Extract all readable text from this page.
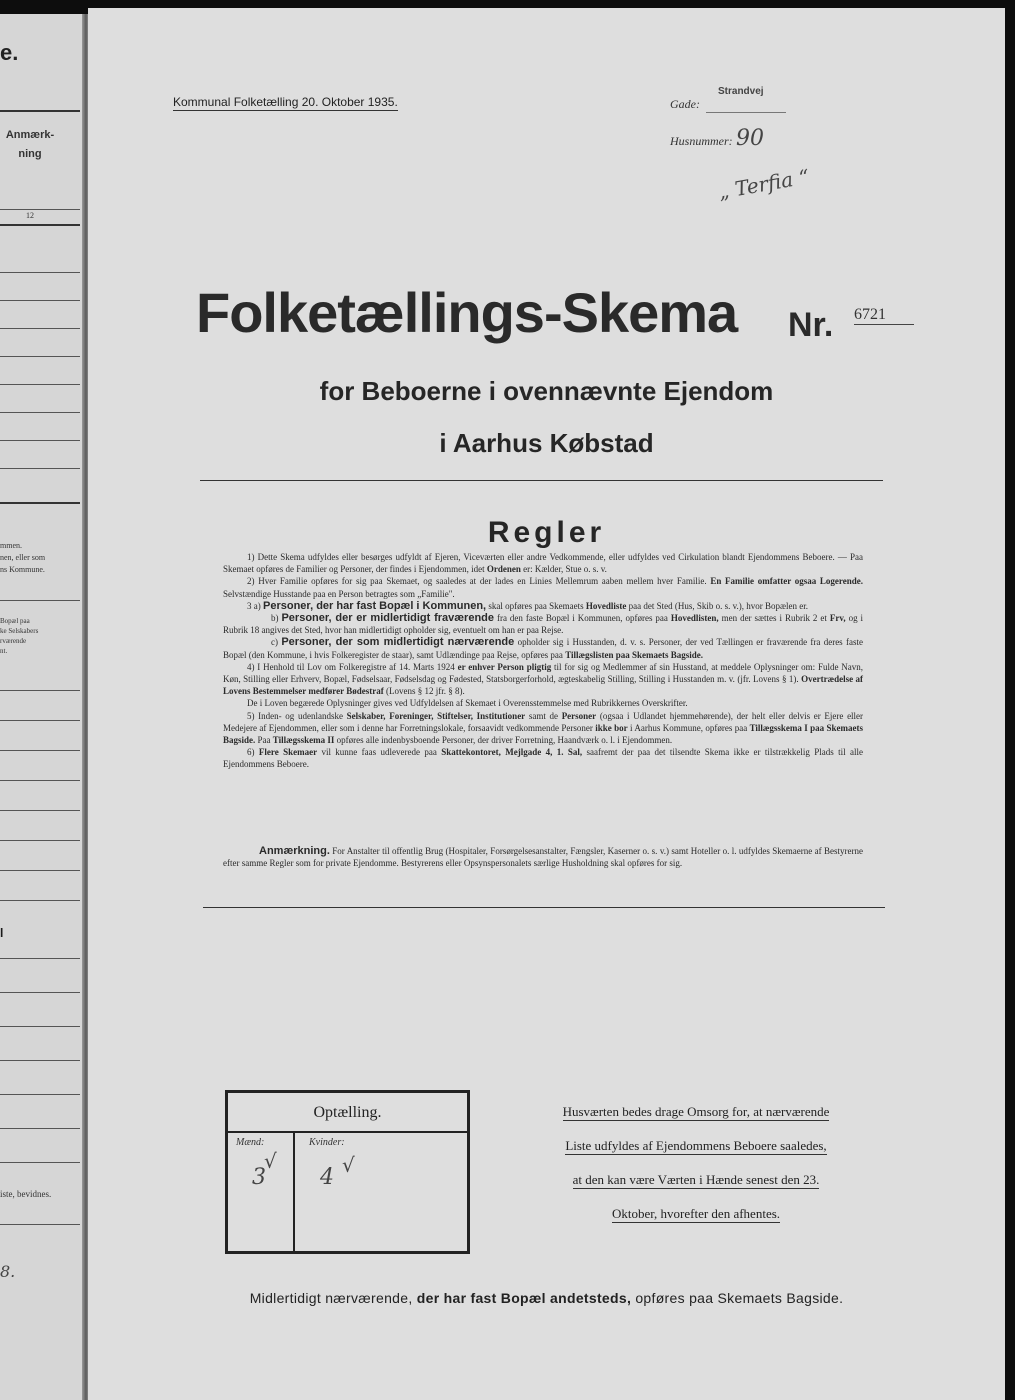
e.
Anmærk-
ning
12
mmen.
nen, eller som
ns Kommune.
Bopæl paa
ke Selskabers
rværende
nt.
l
iste, bevidnes.
8.
Kommunal Folketælling 20. Oktober 1935.	Gade:
Strandvej
Husnummer: 90
„ Terfia “
Folketællings-Skema Nr. 6721
for Beboerne i ovennævnte Ejendom
i Aarhus Købstad
Regler

1) Dette Skema udfyldes eller besørges udfyldt af Ejeren, Viceværten eller andre Vedkommende, eller udfyldes ved Cirkulation blandt Ejendommens Beboere. — Paa Skemaet opføres de Familier og Personer, der findes i Ejendommen, idet Ordenen er: Kælder, Stue o. s. v.

2) Hver Familie opføres for sig paa Skemaet, og saaledes at der lades en Linies Mellemrum aaben mellem hver Familie. En Familie omfatter ogsaa Logerende. Selvstændige Husstande paa en Person betragtes som „Familie".

3 a) Personer, der har fast Bopæl i Kommunen, skal opføres paa Skemaets Hovedliste paa det Sted (Hus, Skib o. s. v.), hvor Bopælen er.

b) Personer, der er midlertidigt fraværende fra den faste Bopæl i Kommunen, opføres paa Hovedlisten, men der sættes i Rubrik 2 et Frv, og i Rubrik 18 angives det Sted, hvor han midlertidigt opholder sig, eventuelt om han er paa Rejse.

c) Personer, der som midlertidigt nærværende opholder sig i Husstanden, d. v. s. Personer, der ved Tællingen er fraværende fra deres faste Bopæl (den Kommune, i hvis Folkeregister de staar), samt Udlændinge paa Rejse, opføres paa Tillægslisten paa Skemaets Bagside.

4) I Henhold til Lov om Folkeregistre af 14. Marts 1924 er enhver Person pligtig til for sig og Medlemmer af sin Husstand, at meddele Oplysninger om: Fulde Navn, Køn, Stilling eller Erhverv, Bopæl, Fødselsaar, Fødselsdag og Fødested, Statsborgerforhold, ægteskabelig Stilling, Stilling i Husstanden m. v. (jfr. Lovens § 1). Overtrædelse af Lovens Bestemmelser medfører Bødestraf (Lovens § 12 jfr. § 8).

De i Loven begærede Oplysninger gives ved Udfyldelsen af Skemaet i Overensstemmelse med Rubrikkernes Overskrifter.

5) Inden- og udenlandske Selskaber, Foreninger, Stiftelser, Institutioner samt de Personer (ogsaa i Udlandet hjemmehørende), der helt eller delvis er Ejere eller Medejere af Ejendommen, eller som i denne har Forretningslokale, forsaavidt vedkommende Personer ikke bor i Aarhus Kommune, opføres paa Tillægsskema I paa Skemaets Bagside. Paa Tillægsskema II opføres alle indenbysboende Personer, der driver Forretning, Haandværk o. l. i Ejendommen.

6) Flere Skemaer vil kunne faas udleverede paa Skattekontoret, Mejlgade 4, 1. Sal, saafremt der paa det tilsendte Skema ikke er tilstrækkelig Plads til alle Ejendommens Beboere.

Anmærkning. For Anstalter til offentlig Brug (Hospitaler, Forsørgelsesanstalter, Fængsler, Kaserner o. s. v.) samt Hoteller o. l. udfyldes Skemaerne af Bestyrerne efter samme Regler som for private Ejendomme. Bestyrerens eller Opsynspersonalets særlige Husholdning skal opføres for sig.

Optælling.
Mænd:	Kvinder:
3
√
4 √
Husværten bedes drage Omsorg for, at nærværende
Liste udfyldes af Ejendommens Beboere saaledes,
at den kan være Værten i Hænde senest den 23.
Oktober, hvorefter den afhentes.
Midlertidigt nærværende, der har fast Bopæl andetsteds, opføres paa Skemaets Bagside.
